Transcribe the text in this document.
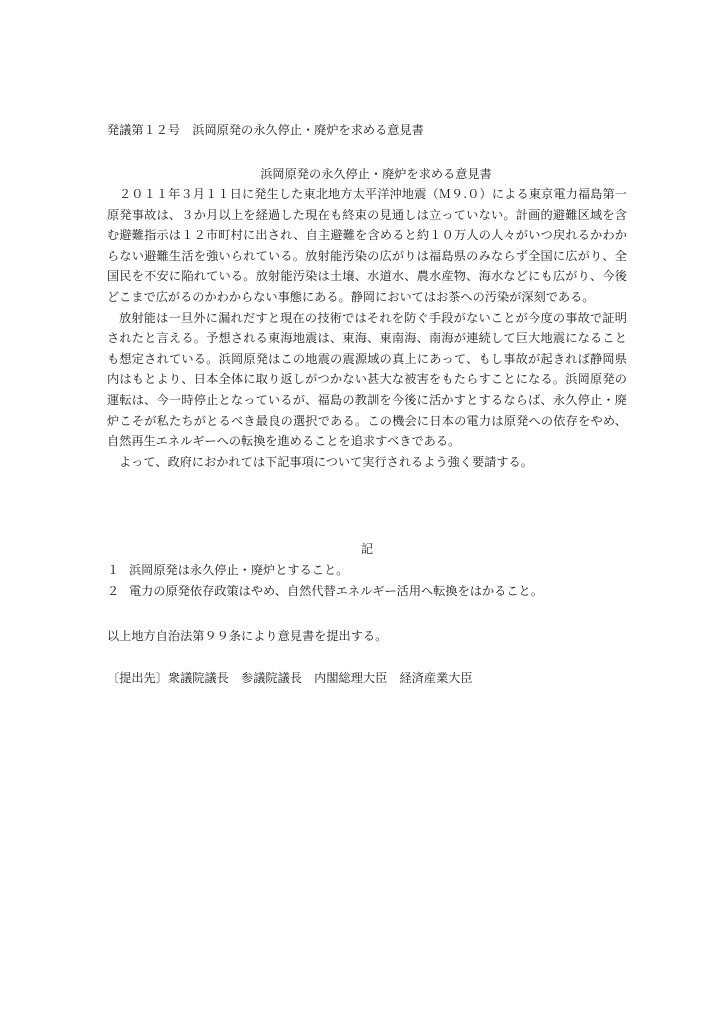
発議第１２号　浜岡原発の永久停止・廃炉を求める意見書
浜岡原発の永久停止・廃炉を求める意見書

２０１１年３月１１日に発生した東北地方太平洋沖地震（Ｍ９.０）による東京電力福島第一原発事故は、３か月以上を経過した現在も終束の見通しは立っていない。計画的避難区域を含む避難指示は１２市町村に出され、自主避難を含めると約１０万人の人々がいつ戻れるかわからない避難生活を強いられている。放射能汚染の広がりは福島県のみならず全国に広がり、全国民を不安に陥れている。放射能汚染は土壌、水道水、農水産物、海水などにも広がり、今後どこまで広がるのかわからない事態にある。静岡においてはお茶への汚染が深刻である。

放射能は一旦外に漏れだすと現在の技術ではそれを防ぐ手段がないことが今度の事故で証明されたと言える。予想される東海地震は、東海、東南海、南海が連続して巨大地震になることも想定されている。浜岡原発はこの地震の震源域の真上にあって、もし事故が起きれば静岡県内はもとより、日本全体に取り返しがつかない甚大な被害をもたらすことになる。浜岡原発の運転は、今一時停止となっているが、福島の教訓を今後に活かすとするならば、永久停止・廃炉こそが私たちがとるべき最良の選択である。この機会に日本の電力は原発への依存をやめ、自然再生エネルギーへの転換を進めることを追求すべきである。

よって、政府におかれては下記事項について実行されるよう強く要請する。

記
１ 浜岡原発は永久停止・廃炉とすること。
２ 電力の原発依存政策はやめ、自然代替エネルギー活用へ転換をはかること。
以上地方自治法第９９条により意見書を提出する。
〔提出先〕衆議院議長　参議院議長　内閣総理大臣　経済産業大臣
